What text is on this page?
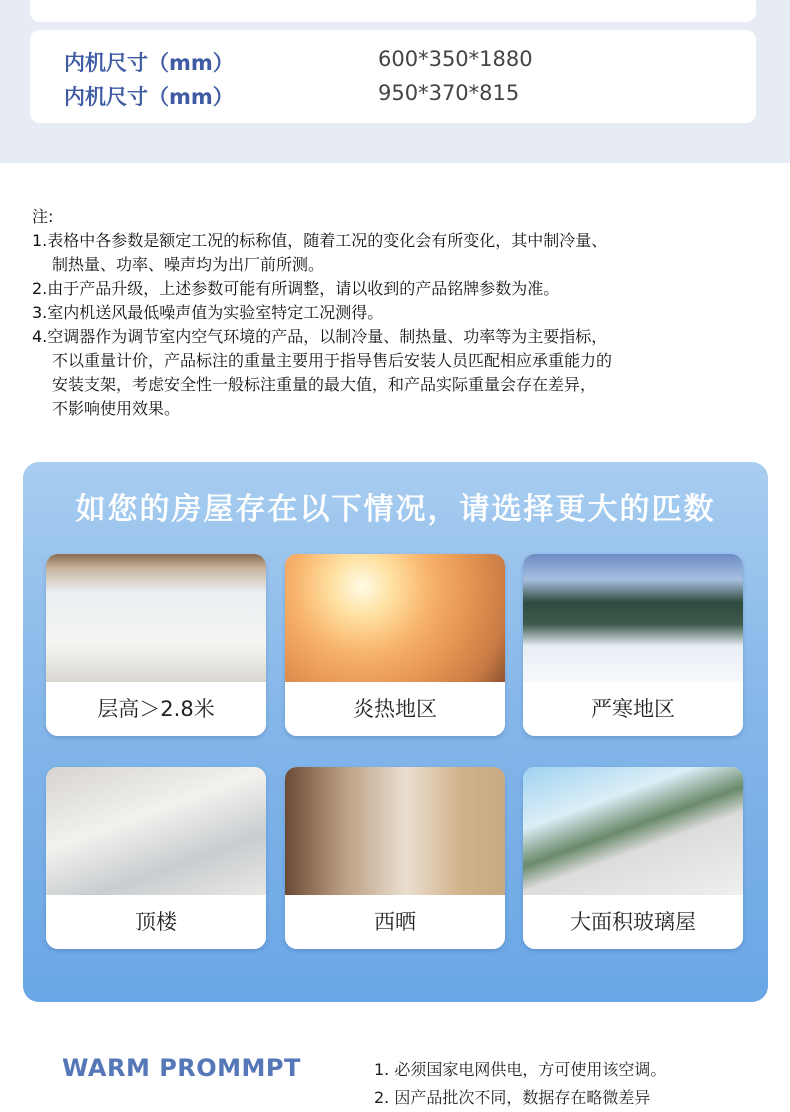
内机尺寸（mm）	600*350*1880
内机尺寸（mm）	950*370*815

注:

1.表格中各参数是额定工况的标称值，随着工况的变化会有所变化，其中制冷量、

制热量、功率、噪声均为出厂前所测。

2.由于产品升级，上述参数可能有所调整，请以收到的产品铭牌参数为准。

3.室内机送风最低噪声值为实验室特定工况测得。

4.空调器作为调节室内空气环境的产品，以制冷量、制热量、功率等为主要指标，

不以重量计价，产品标注的重量主要用于指导售后安装人员匹配相应承重能力的

安装支架，考虑安全性一般标注重量的最大值，和产品实际重量会存在差异，

不影响使用效果。

如您的房屋存在以下情况，请选择更大的匹数
层高＞2.8米	炎热地区	严寒地区
顶楼	西晒	大面积玻璃屋
WARM PROMMPT	1. 必须国家电网供电，方可使用该空调。

2. 因产品批次不同，数据存在略微差异
